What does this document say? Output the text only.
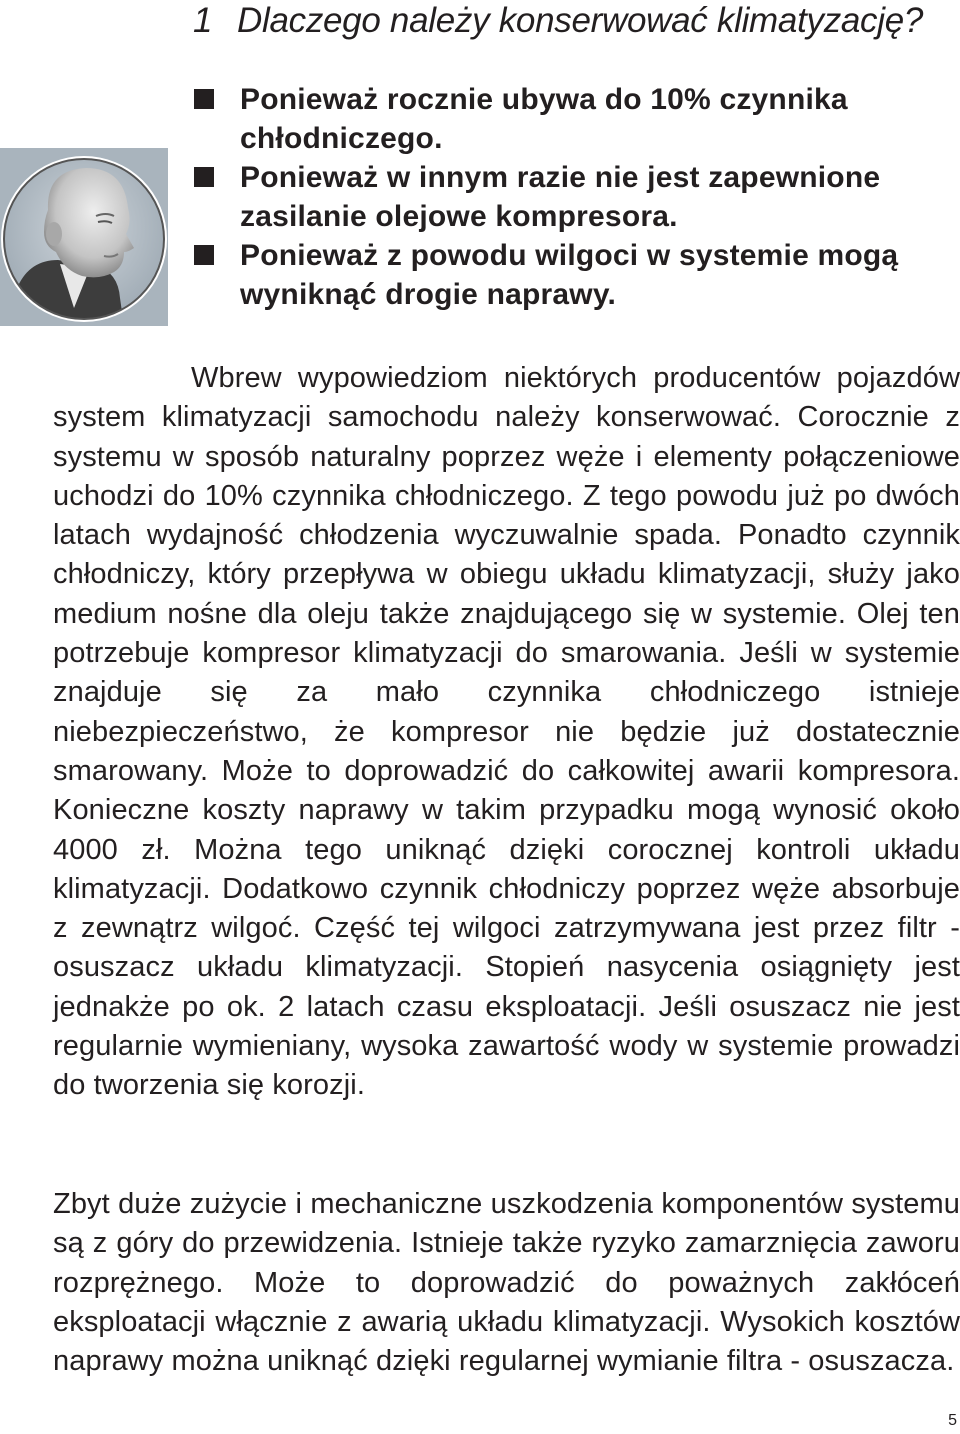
1 Dlaczego należy konserwować klimatyzację?
Ponieważ rocznie ubywa do 10% czynnika chłodniczego.
Ponieważ w innym razie nie jest zapewnione zasilanie olejowe kompresora.
Ponieważ z powodu wilgoci w systemie mogą wyniknąć drogie naprawy.

Wbrew wypowiedziom niektórych producentów pojazdów system klimatyzacji samochodu należy konserwować. Corocznie z systemu w sposób naturalny poprzez węże i elementy połączeniowe uchodzi do 10% czynnika chłodniczego. Z tego powodu już po dwóch latach wydajność chłodzenia wyczuwalnie spada. Ponadto czynnik chłodniczy, który przepływa w obiegu układu klimatyzacji, służy jako medium nośne dla oleju także znajdującego się w systemie. Olej ten potrzebuje kompresor klimatyzacji do smarowania. Jeśli w systemie znajduje się za mało czynnika chłodniczego istnieje niebezpieczeństwo, że kompresor nie będzie już dostatecznie smarowany. Może to doprowadzić do całkowitej awarii kompresora. Konieczne koszty naprawy w takim przypadku mogą wynosić około 4000 zł. Można tego uniknąć dzięki corocznej kontroli układu klimatyzacji. Dodatkowo czynnik chłodniczy poprzez węże absorbuje z zewnątrz wilgoć. Część tej wilgoci zatrzymywana jest przez filtr - osuszacz układu klimatyzacji. Stopień nasycenia osiągnięty jest jednakże po ok. 2 latach czasu eksploatacji. Jeśli osuszacz nie jest regularnie wymieniany, wysoka zawartość wody w systemie prowadzi do tworzenia się korozji.

Zbyt duże zużycie i mechaniczne uszkodzenia komponentów systemu są z góry do przewidzenia. Istnieje także ryzyko zamarznięcia zaworu rozprężnego. Może to doprowadzić do poważnych zakłóceń eksploatacji włącznie z awarią układu klimatyzacji. Wysokich kosztów naprawy można uniknąć dzięki regularnej wymianie filtra - osuszacza.

5
